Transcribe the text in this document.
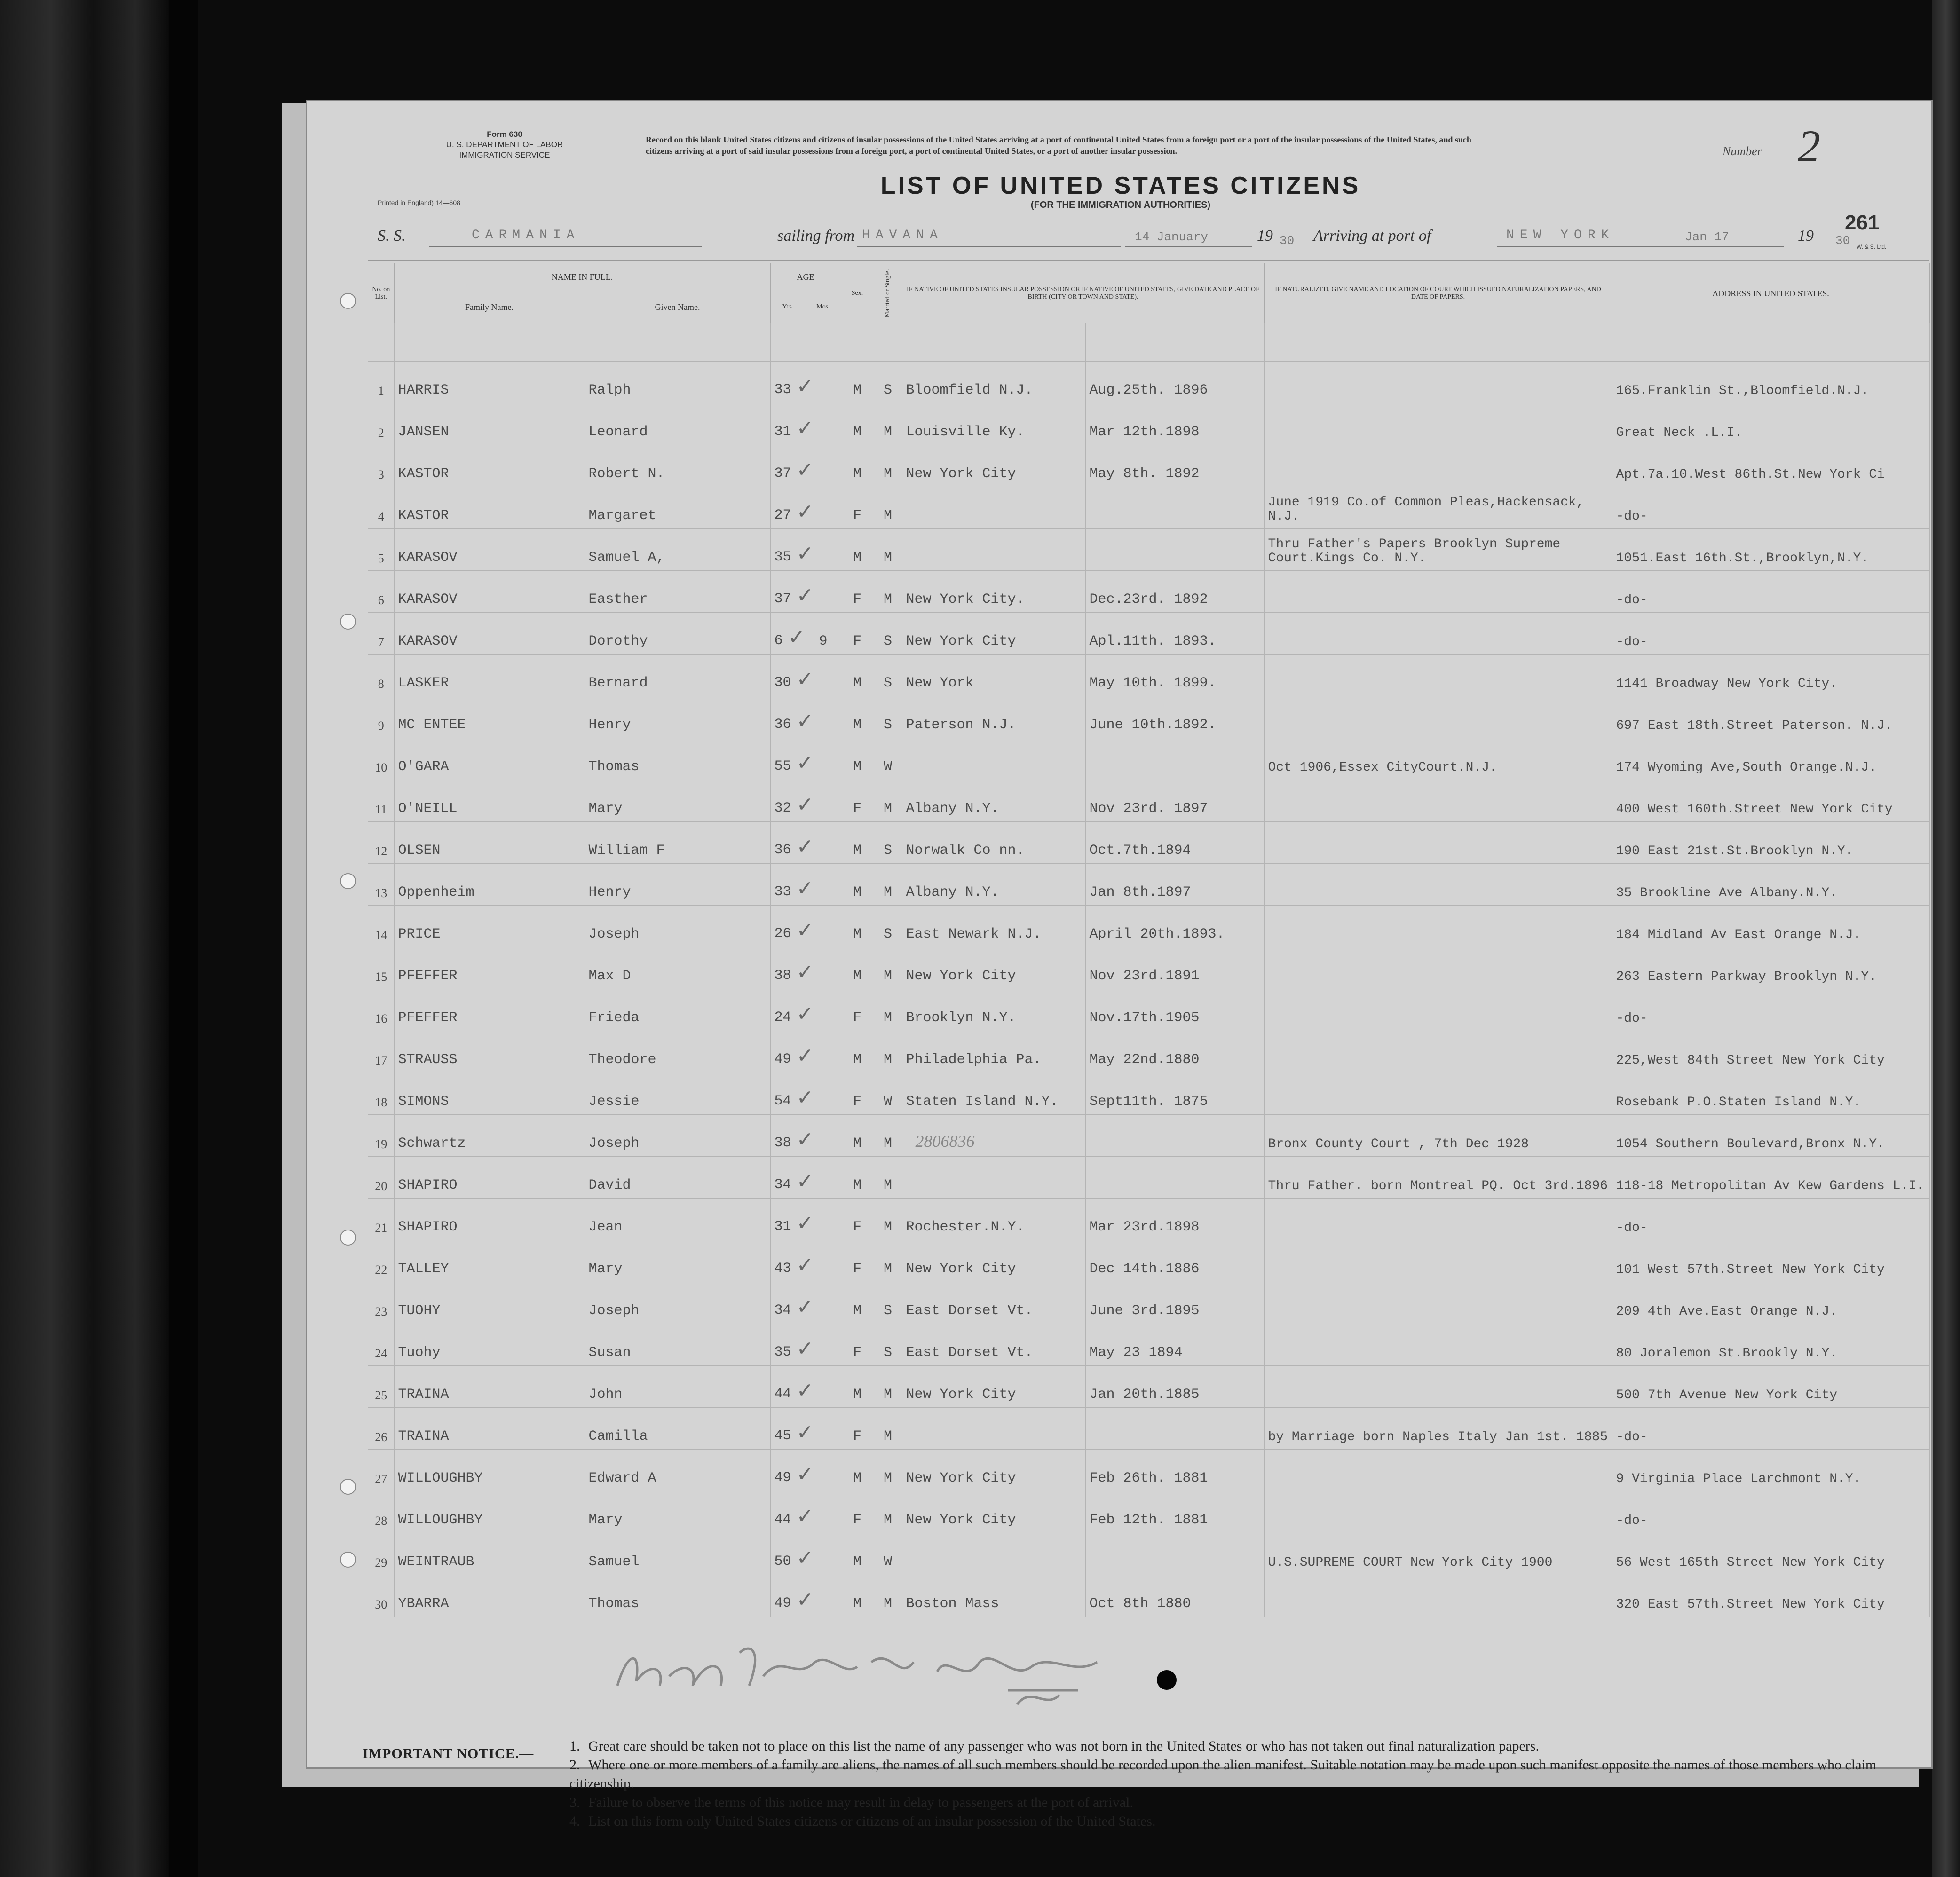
Form 630
U. S. DEPARTMENT OF LABOR
IMMIGRATION SERVICE
Printed in England) 14—608
Record on this blank United States citizens and citizens of insular possessions of the United States arriving at a port of continental United States from a foreign port or a port of the insular possessions of the United States, and such citizens arriving at a port of said insular possessions from a foreign port, a port of continental United States, or a port of another insular possession.	Number 2
LIST OF UNITED STATES CITIZENS
(FOR THE IMMIGRATION AUTHORITIES)
261
S. S.	CARMANIA	sailing from HAVANA	14 January	19 30 Arriving at port of	NEW YORK	Jan 17	19 30 W. & S. Ltd.
No. on List.	NAME IN FULL.		AGE		Sex.	Married or Single.	IF NATIVE OF UNITED STATES INSULAR POSSESSION OR IF NATIVE OF UNITED STATES, GIVE DATE AND PLACE OF BIRTH (CITY OR TOWN AND STATE).		IF NATURALIZED, GIVE NAME AND LOCATION OF COURT WHICH ISSUED NATURALIZATION PAPERS, AND DATE OF PAPERS.	ADDRESS IN UNITED STATES.
	Family Name.	Given Name.	Yrs.	Mos.						

1	HARRIS	Ralph	33 ✓		M	S	Bloomfield N.J.	Aug.25th. 1896		165.Franklin St.,Bloomfield.N.J.
2	JANSEN	Leonard	31 ✓		M	M	Louisville Ky.	Mar 12th.1898		Great Neck .L.I.
3	KASTOR	Robert N.	37 ✓		M	M	New York City	May 8th. 1892		Apt.7a.10.West 86th.St.New York Ci
4	KASTOR	Margaret	27 ✓		F	M			June 1919 Co.of Common Pleas,Hackensack, N.J.	-do-
5	KARASOV	Samuel A,	35 ✓		M	M			Thru Father's Papers Brooklyn Supreme Court.Kings Co. N.Y.	1051.East 16th.St.,Brooklyn,N.Y.
6	KARASOV	Easther	37 ✓		F	M	New York City.	Dec.23rd. 1892		-do-
7	KARASOV	Dorothy	6 ✓	9	F	S	New York City	Apl.11th. 1893.		-do-
8	LASKER	Bernard	30 ✓		M	S	New York	May 10th. 1899.		1141 Broadway New York City.
9	MC ENTEE	Henry	36 ✓		M	S	Paterson N.J.	June 10th.1892.		697 East 18th.Street Paterson. N.J.
10	O'GARA	Thomas	55 ✓		M	W			Oct 1906,Essex CityCourt.N.J.	174 Wyoming Ave,South Orange.N.J.
11	O'NEILL	Mary	32 ✓		F	M	Albany N.Y.	Nov 23rd. 1897		400 West 160th.Street New York City
12	OLSEN	William F	36 ✓		M	S	Norwalk Co nn.	Oct.7th.1894		190 East 21st.St.Brooklyn N.Y.
13	Oppenheim	Henry	33 ✓		M	M	Albany N.Y.	Jan 8th.1897		35 Brookline Ave Albany.N.Y.
14	PRICE	Joseph	26 ✓		M	S	East Newark N.J.	April 20th.1893.		184 Midland Av East Orange N.J.
15	PFEFFER	Max D	38 ✓		M	M	New York City	Nov 23rd.1891		263 Eastern Parkway Brooklyn N.Y.
16	PFEFFER	Frieda	24 ✓		F	M	Brooklyn N.Y.	Nov.17th.1905		-do-
17	STRAUSS	Theodore	49 ✓		M	M	Philadelphia Pa.	May 22nd.1880		225,West 84th Street New York City
18	SIMONS	Jessie	54 ✓		F	W	Staten Island N.Y.	Sept11th. 1875		Rosebank P.O.Staten Island N.Y.
19	Schwartz	Joseph	38 ✓		M	M	2806836		Bronx County Court , 7th Dec 1928	1054 Southern Boulevard,Bronx N.Y.
20	SHAPIRO	David	34 ✓		M	M			Thru Father. born Montreal PQ. Oct 3rd.1896	118-18 Metropolitan Av Kew Gardens L.I.
21	SHAPIRO	Jean	31 ✓		F	M	Rochester.N.Y.	Mar 23rd.1898		-do-
22	TALLEY	Mary	43 ✓		F	M	New York City	Dec 14th.1886		101 West 57th.Street New York City
23	TUOHY	Joseph	34 ✓		M	S	East Dorset Vt.	June 3rd.1895		209 4th Ave.East Orange N.J.
24	Tuohy	Susan	35 ✓		F	S	East Dorset Vt.	May 23 1894		80 Joralemon St.Brookly N.Y.
25	TRAINA	John	44 ✓		M	M	New York City	Jan 20th.1885		500 7th Avenue New York City
26	TRAINA	Camilla	45 ✓		F	M			by Marriage born Naples Italy Jan 1st. 1885	-do-
27	WILLOUGHBY	Edward A	49 ✓		M	M	New York City	Feb 26th. 1881		9 Virginia Place Larchmont N.Y.
28	WILLOUGHBY	Mary	44 ✓		F	M	New York City	Feb 12th. 1881		-do-
29	WEINTRAUB	Samuel	50 ✓		M	W			U.S.SUPREME COURT New York City 1900	56 West 165th Street New York City
30	YBARRA	Thomas	49 ✓		M	M	Boston Mass	Oct 8th 1880		320 East 57th.Street New York City
IMPORTANT NOTICE.—	1. Great care should be taken not to place on this list the name of any passenger who was not born in the United States or who has not taken out final naturalization papers.
2. Where one or more members of a family are aliens, the names of all such members should be recorded upon the alien manifest. Suitable notation may be made upon such manifest opposite the names of those members who claim citizenship.
3. Failure to observe the terms of this notice may result in delay to passengers at the port of arrival.
4. List on this form only United States citizens or citizens of an insular possession of the United States.
